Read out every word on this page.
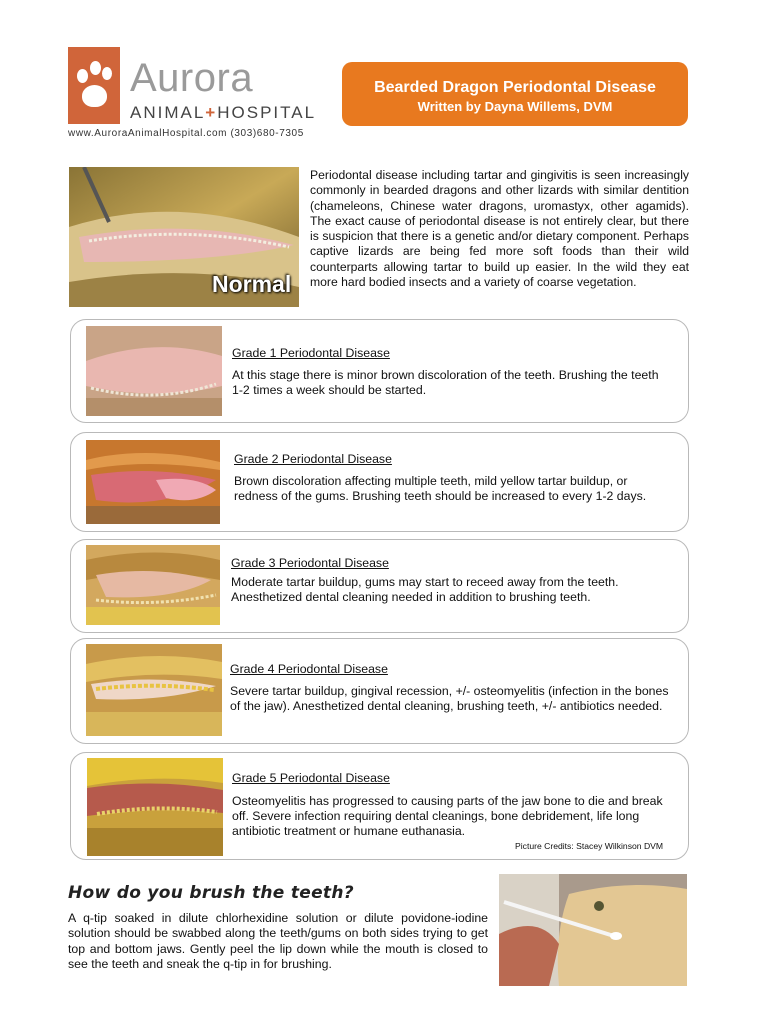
Aurora
ANIMAL+HOSPITAL
www.AuroraAnimalHospital.com (303)680-7305
Bearded Dragon Periodontal Disease
Written by Dayna Willems, DVM
Normal
Periodontal disease including tartar and gingivitis is seen increasingly commonly in bearded dragons and other lizards with similar dentition (chameleons, Chinese water dragons, uromastyx, other agamids). The exact cause of periodontal disease is not entirely clear, but there is suspicion that there is a genetic and/or dietary component. Perhaps captive lizards are being fed more soft foods than their wild counterparts allowing tartar to build up easier. In the wild they eat more hard bodied insects and a variety of coarse vegetation.
Grade 1 Periodontal Disease
At this stage there is minor brown discoloration of the teeth. Brushing the teeth 1-2 times a week should be started.
Grade 2 Periodontal Disease
Brown discoloration affecting multiple teeth, mild yellow tartar buildup, or redness of the gums. Brushing teeth should be increased to every 1-2 days.
Grade 3 Periodontal Disease
Moderate tartar buildup, gums may start to receed away from the teeth. Anesthetized dental cleaning needed in addition to brushing teeth.
Grade 4 Periodontal Disease
Severe tartar buildup, gingival recession, +/- osteomyelitis (infection in the bones of the jaw). Anesthetized dental cleaning, brushing teeth, +/- antibiotics needed.
Grade 5 Periodontal Disease
Osteomyelitis has progressed to causing parts of the jaw bone to die and break off. Severe infection requiring dental cleanings, bone debridement, life long antibiotic treatment or humane euthanasia.
Picture Credits: Stacey Wilkinson DVM
How do you brush the teeth?
A q-tip soaked in dilute chlorhexidine solution or dilute povidone-iodine solution should be swabbed along the teeth/gums on both sides trying to get top and bottom jaws. Gently peel the lip down while the mouth is closed to see the teeth and sneak the q-tip in for brushing.
